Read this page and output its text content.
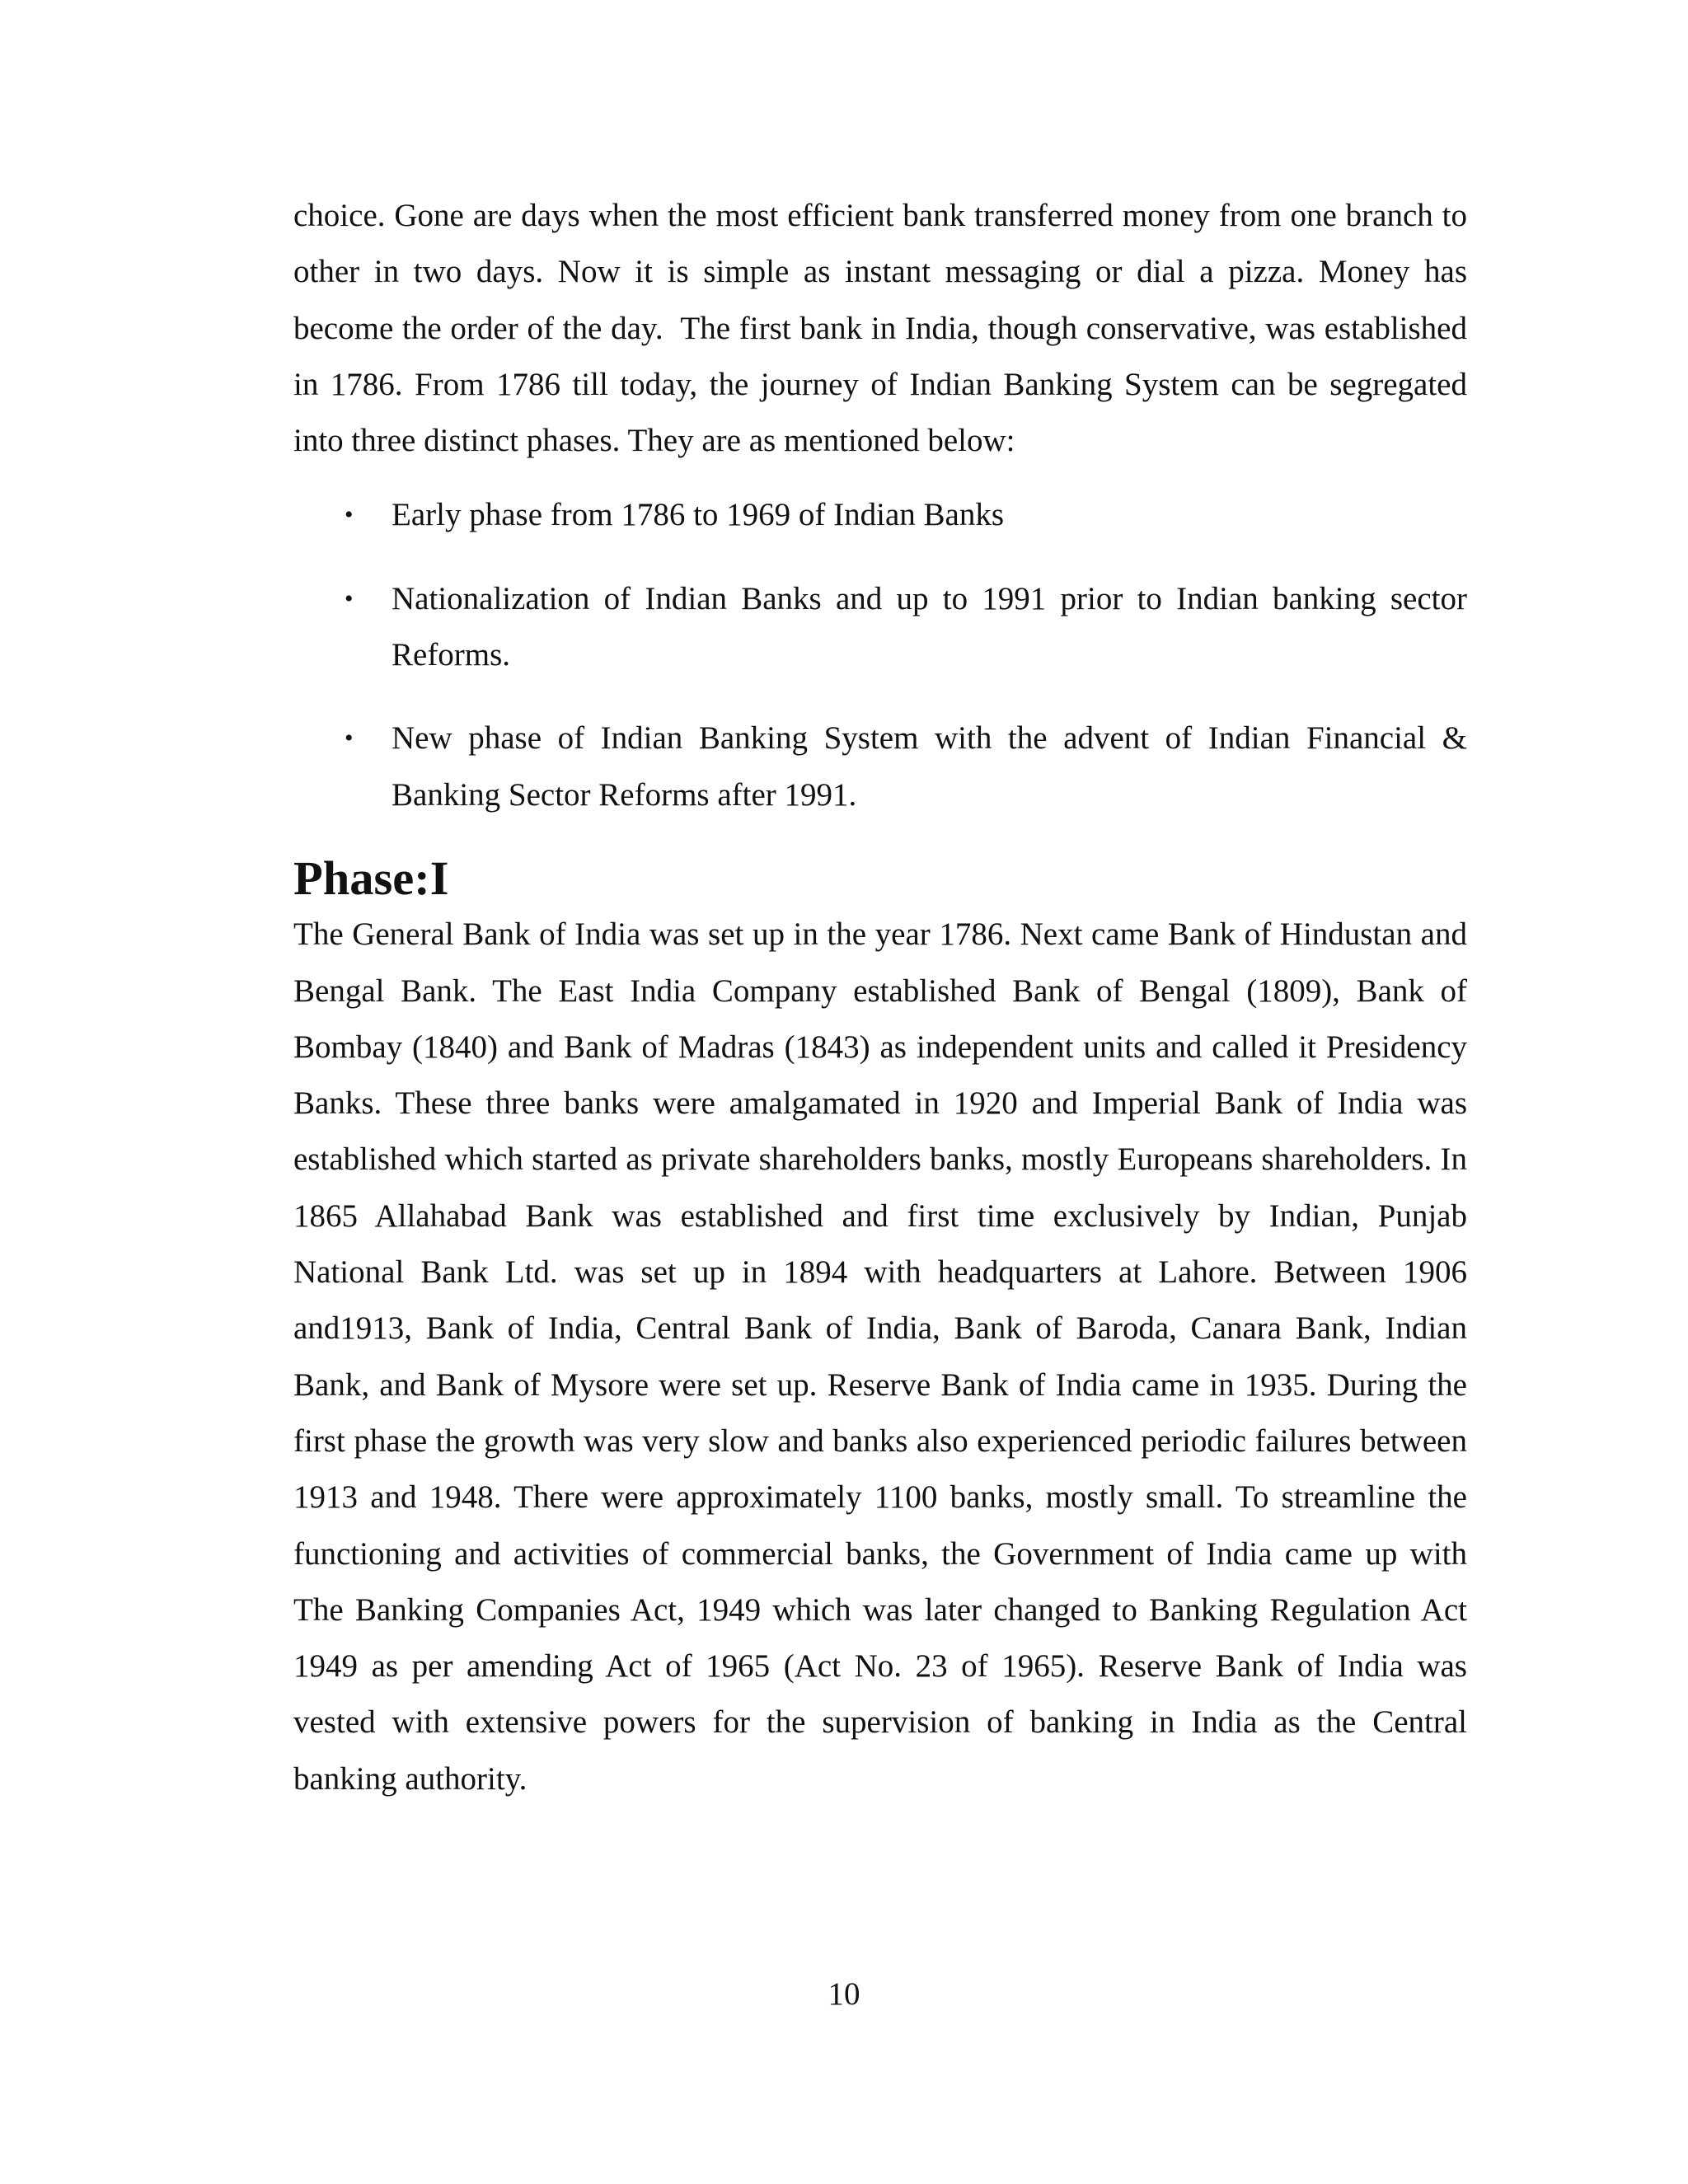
choice. Gone are days when the most efficient bank transferred money from one branch to other in two days. Now it is simple as instant messaging or dial a pizza. Money has become the order of the day.  The first bank in India, though conservative, was established in 1786. From 1786 till today, the journey of Indian Banking System can be segregated into three distinct phases. They are as mentioned below:

• Early phase from 1786 to 1969 of Indian Banks
• Nationalization of Indian Banks and up to 1991 prior to Indian banking sector Reforms.
• New phase of Indian Banking System with the advent of Indian Financial & Banking Sector Reforms after 1991.
Phase:I

The General Bank of India was set up in the year 1786. Next came Bank of Hindustan and Bengal Bank. The East India Company established Bank of Bengal (1809), Bank of Bombay (1840) and Bank of Madras (1843) as independent units and called it Presidency Banks. These three banks were amalgamated in 1920 and Imperial Bank of India was established which started as private shareholders banks, mostly Europeans shareholders. In 1865 Allahabad Bank was established and first time exclusively by Indian, Punjab National Bank Ltd. was set up in 1894 with headquarters at Lahore. Between 1906 and1913, Bank of India, Central Bank of India, Bank of Baroda, Canara Bank, Indian Bank, and Bank of Mysore were set up. Reserve Bank of India came in 1935. During the first phase the growth was very slow and banks also experienced periodic failures between 1913 and 1948. There were approximately 1100 banks, mostly small. To streamline the functioning and activities of commercial banks, the Government of India came up with The Banking Companies Act, 1949 which was later changed to Banking Regulation Act 1949 as per amending Act of 1965 (Act No. 23 of 1965). Reserve Bank of India was vested with extensive powers for the supervision of banking in India as the Central banking authority.

10
